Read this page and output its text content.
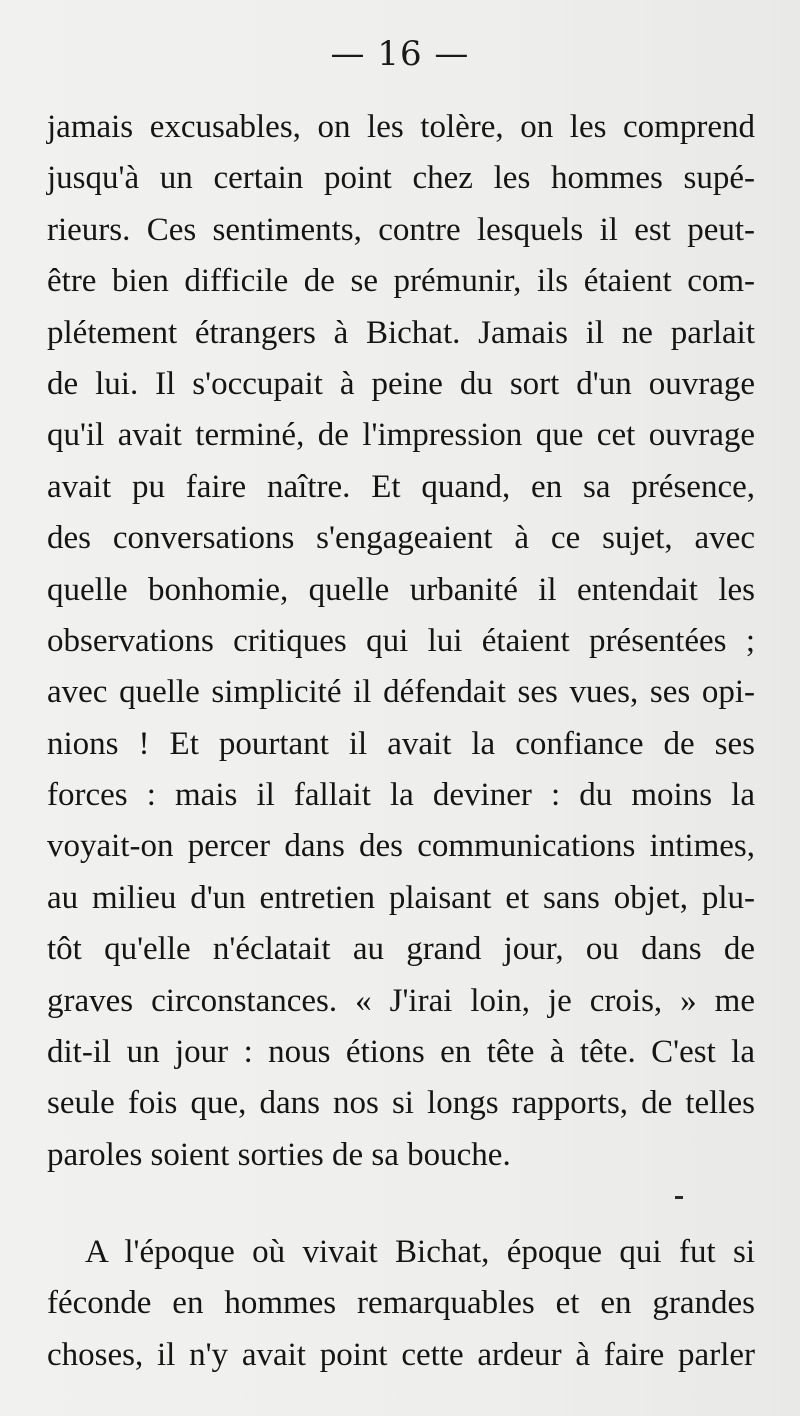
— 16 —
jamais excusables, on les tolère, on les comprend
jusqu'à un certain point chez les hommes supé-
rieurs. Ces sentiments, contre lesquels il est peut-
être bien difficile de se prémunir, ils étaient com-
plétement étrangers à Bichat. Jamais il ne parlait
de lui. Il s'occupait à peine du sort d'un ouvrage
qu'il avait terminé, de l'impression que cet ouvrage
avait pu faire naître. Et quand, en sa présence,
des conversations s'engageaient à ce sujet, avec
quelle bonhomie, quelle urbanité il entendait les
observations critiques qui lui étaient présentées ;
avec quelle simplicité il défendait ses vues, ses opi-
nions ! Et pourtant il avait la confiance de ses
forces : mais il fallait la deviner : du moins la
voyait-on percer dans des communications intimes,
au milieu d'un entretien plaisant et sans objet, plu-
tôt qu'elle n'éclatait au grand jour, ou dans de
graves circonstances. « J'irai loin, je crois, » me
dit-il un jour : nous étions en tête à tête. C'est la
seule fois que, dans nos si longs rapports, de telles
paroles soient sorties de sa bouche.
A l'époque où vivait Bichat, époque qui fut si
féconde en hommes remarquables et en grandes
choses, il n'y avait point cette ardeur à faire parler
